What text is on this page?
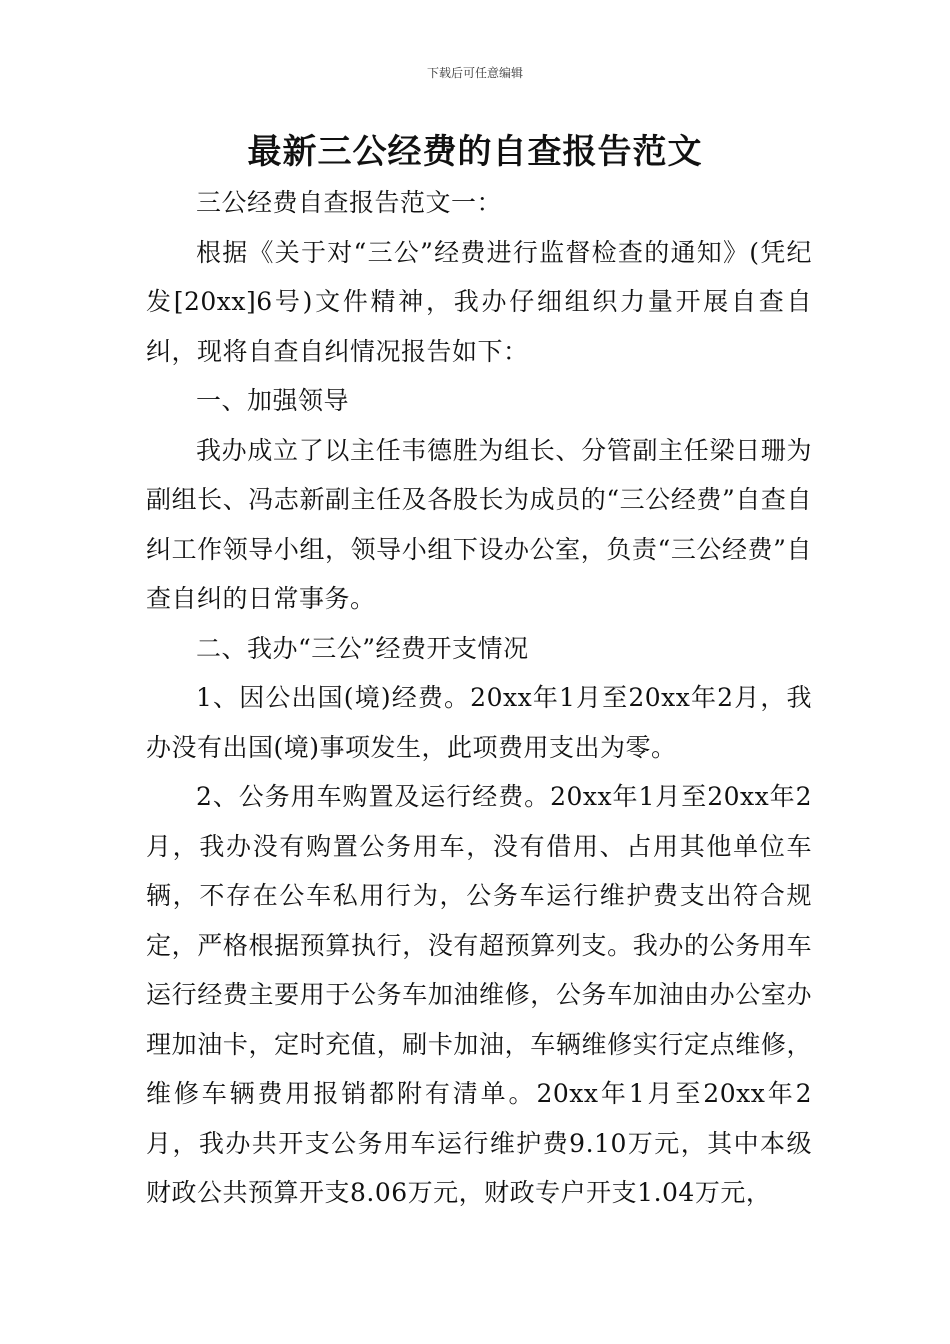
下载后可任意编辑
最新三公经费的自查报告范文

三公经费自查报告范文一：

根据《关于对“三公”经费进行监督检查的通知》(凭纪发[20xx]6号)文件精神，我办仔细组织力量开展自查自纠，现将自查自纠情况报告如下：

一、加强领导

我办成立了以主任韦德胜为组长、分管副主任梁日珊为副组长、冯志新副主任及各股长为成员的“三公经费”自查自纠工作领导小组，领导小组下设办公室，负责“三公经费”自查自纠的日常事务。

二、我办“三公”经费开支情况

1、因公出国(境)经费。20xx年1月至20xx年2月，我办没有出国(境)事项发生，此项费用支出为零。

2、公务用车购置及运行经费。20xx年1月至20xx年2月，我办没有购置公务用车，没有借用、占用其他单位车辆，不存在公车私用行为，公务车运行维护费支出符合规定，严格根据预算执行，没有超预算列支。我办的公务用车运行经费主要用于公务车加油维修，公务车加油由办公室办理加油卡，定时充值，刷卡加油，车辆维修实行定点维修，维修车辆费用报销都附有清单。20xx年1月至20xx年2月，我办共开支公务用车运行维护费9.10万元，其中本级财政公共预算开支8.06万元，财政专户开支1.04万元，
